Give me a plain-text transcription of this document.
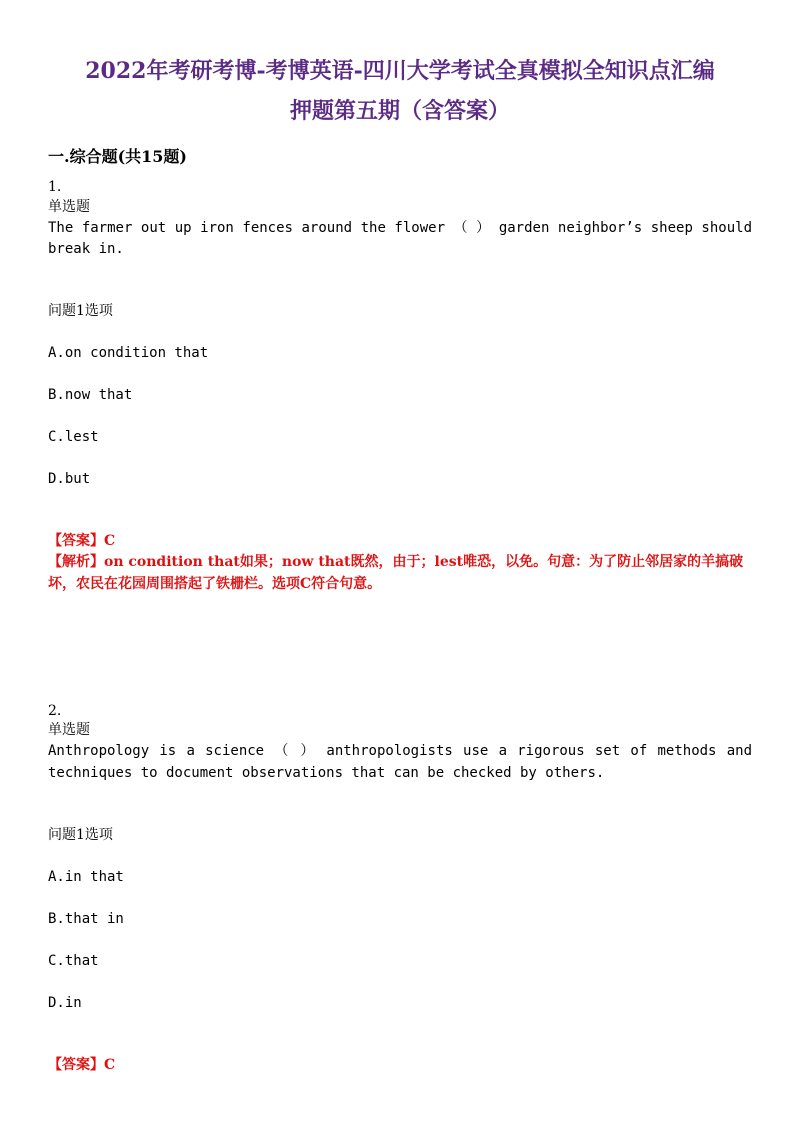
2022年考研考博-考博英语-四川大学考试全真模拟全知识点汇编
押题第五期（含答案）
一.综合题(共15题)
1.
单选题
The farmer out up iron fences around the flower （ ） garden neighbor’s sheep should
break in.
问题1选项
A.on condition that
B.now that
C.lest
D.but
【答案】C
【解析】on condition that如果；now that既然，由于；lest唯恐，以免。句意：为了防止邻居家的羊搞破坏，农民在花园周围搭起了铁栅栏。选项C符合句意。
2.
单选题
Anthropology is a science （ ） anthropologists use a rigorous set of methods and
techniques to document observations that can be checked by others.
问题1选项
A.in that
B.that in
C.that
D.in
【答案】C
